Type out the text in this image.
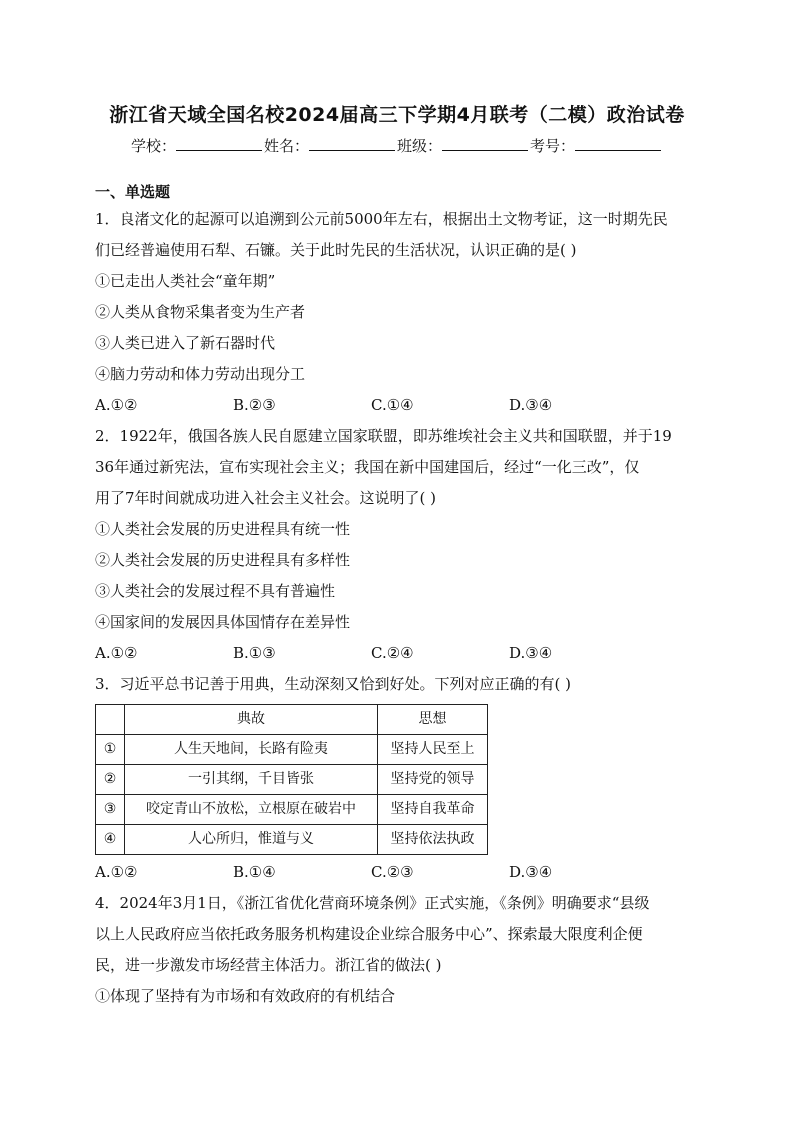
浙江省天域全国名校2024届高三下学期4月联考（二模）政治试卷
学校：	姓名：	班级：	考号：
一、单选题

1．良渚文化的起源可以追溯到公元前5000年左右，根据出土文物考证，这一时期先民

们已经普遍使用石犁、石镰。关于此时先民的生活状况，认识正确的是( )

①已走出人类社会“童年期”

②人类从食物采集者变为生产者

③人类已进入了新石器时代

④脑力劳动和体力劳动出现分工

A.①②	B.②③	C.①④	D.③④

2．1922年，俄国各族人民自愿建立国家联盟，即苏维埃社会主义共和国联盟，并于19

36年通过新宪法，宣布实现社会主义；我国在新中国建国后，经过“一化三改”，仅

用了7年时间就成功进入社会主义社会。这说明了( )

①人类社会发展的历史进程具有统一性

②人类社会发展的历史进程具有多样性

③人类社会的发展过程不具有普遍性

④国家间的发展因具体国情存在差异性

A.①②	B.①③	C.②④	D.③④

3．习近平总书记善于用典，生动深刻又恰到好处。下列对应正确的有( )

	典故	思想
①	人生天地间，长路有险夷	坚持人民至上
②	一引其纲，千目皆张	坚持党的领导
③	咬定青山不放松，立根原在破岩中	坚持自我革命
④	人心所归，惟道与义	坚持依法执政
A.①②	B.①④	C.②③	D.③④

4．2024年3月1日，《浙江省优化营商环境条例》正式实施，《条例》明确要求“县级

以上人民政府应当依托政务服务机构建设企业综合服务中心”、探索最大限度利企便

民，进一步激发市场经营主体活力。浙江省的做法( )

①体现了坚持有为市场和有效政府的有机结合
